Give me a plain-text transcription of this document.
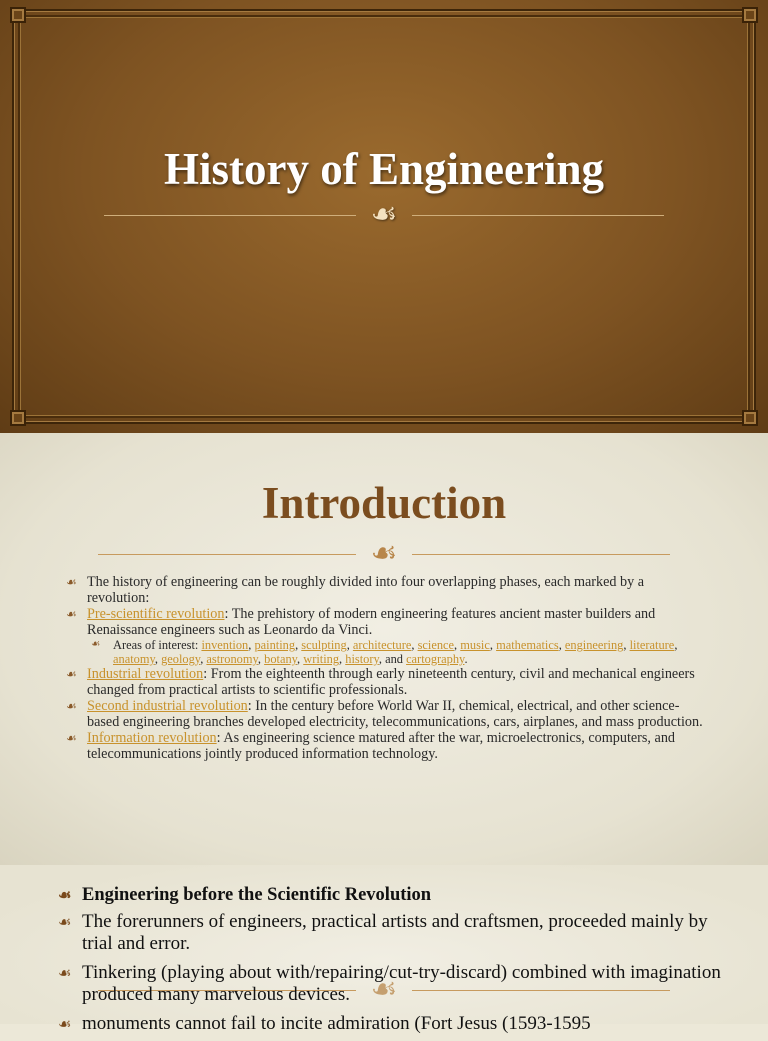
History of Engineering
☙
Introduction
☙
☙ The history of engineering can be roughly divided into four overlapping phases, each marked by a revolution:
☙ Pre-scientific revolution: The prehistory of modern engineering features ancient master builders and Renaissance engineers such as Leonardo da Vinci.
☙ Areas of interest: invention, painting, sculpting, architecture, science, music, mathematics, engineering, literature, anatomy, geology, astronomy, botany, writing, history, and cartography.
☙ Industrial revolution: From the eighteenth through early nineteenth century, civil and mechanical engineers changed from practical artists to scientific professionals.
☙ Second industrial revolution: In the century before World War II, chemical, electrical, and other science-based engineering branches developed electricity, telecommunications, cars, airplanes, and mass production.
☙ Information revolution: As engineering science matured after the war, microelectronics, computers, and telecommunications jointly produced information technology.
☙
☙ Engineering before the Scientific Revolution
☙ The forerunners of engineers, practical artists and craftsmen, proceeded mainly by trial and error.
☙ Tinkering (playing about with/repairing/cut-try-discard) combined with imagination produced many marvelous devices.
☙ monuments cannot fail to incite admiration (Fort Jesus (1593-1595
